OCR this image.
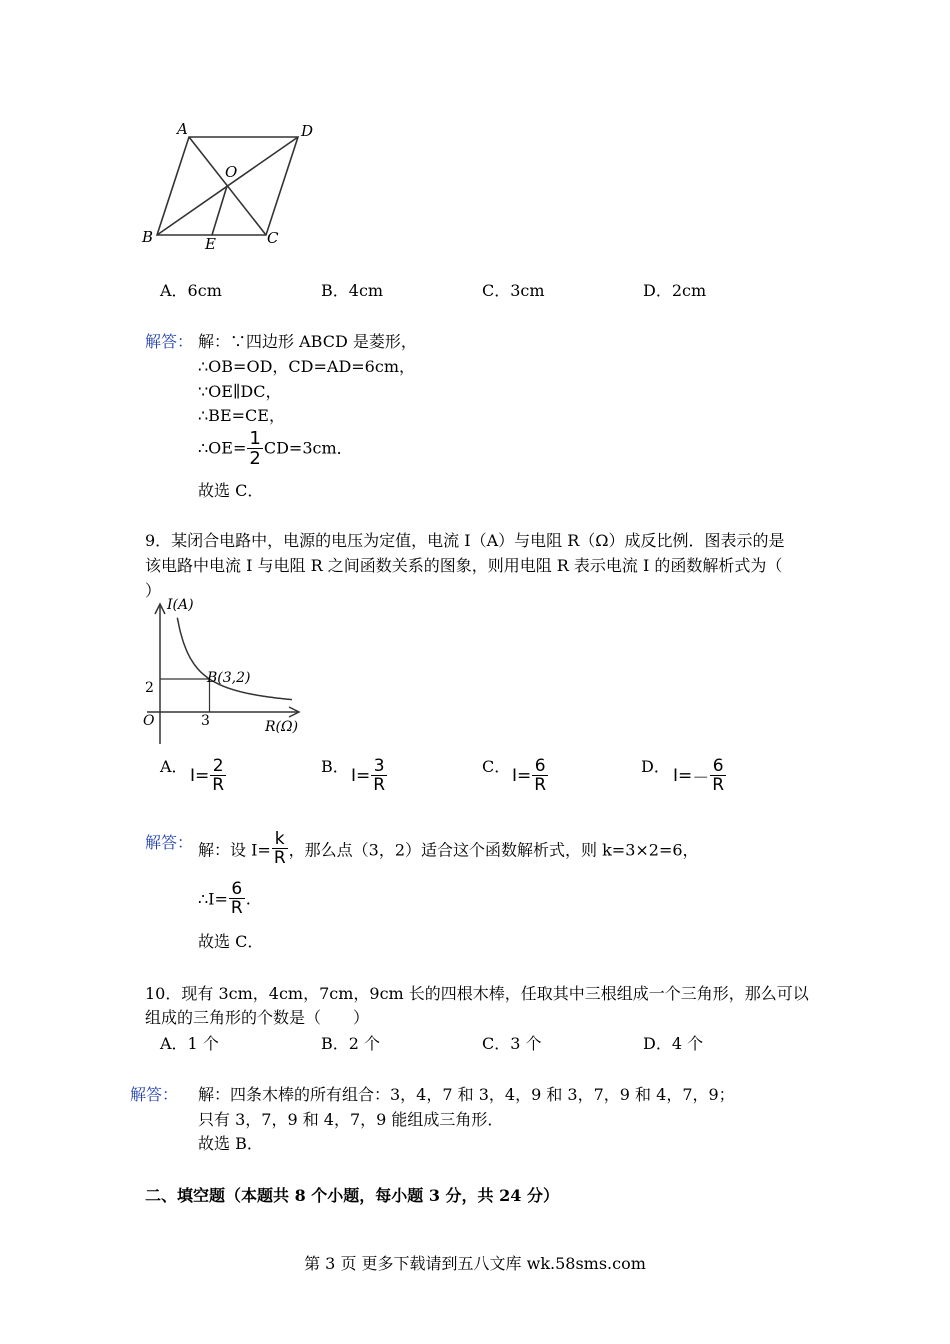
A	D
O
B	E	C
A．6cm	B．4cm	C．3cm	D．2cm
解答： 解：∵四边形 ABCD 是菱形，
∴OB=OD，CD=AD=6cm，
∵OE∥DC，
∴BE=CE，
∴OE= $\frac{1}{2} CD=3cm$．
故选 C．
9．某闭合电路中，电源的电压为定值，电流 I（A）与电阻 R（Ω）成反比例．图表示的是
该电路中电流 I 与电阻 R 之间函数关系的图象，则用电阻 R 表示电流 I 的函数解析式为（
）
I(A)
B(3,2)
2
O	3	R(Ω)
A． $I= \frac{2}{R}$	B． $I= \frac{3}{R}$	C． $I= \frac{6}{R}$	D． $I=- \frac{6}{R}$
解答： 解：设 $I= \frac{k}{R}$ ，那么点（3，2）适合这个函数解析式，则 k=3×2=6，
∴I= $\frac{6}{R}$ .
故选 C．
10．现有 3cm，4cm，7cm，9cm 长的四根木棒，任取其中三根组成一个三角形，那么可以
组成的三角形的个数是（　　）
A．1 个	B．2 个	C．3 个	D．4 个
解答： 解：四条木棒的所有组合：3，4，7 和 3，4，9 和 3，7，9 和 4，7，9；
只有 3，7，9 和 4，7，9 能组成三角形．
故选 B．
二、填空题（本题共 8 个小题，每小题 3 分，共 24 分）
第 3 页 更多下载请到五八文库 wk.58sms.com
